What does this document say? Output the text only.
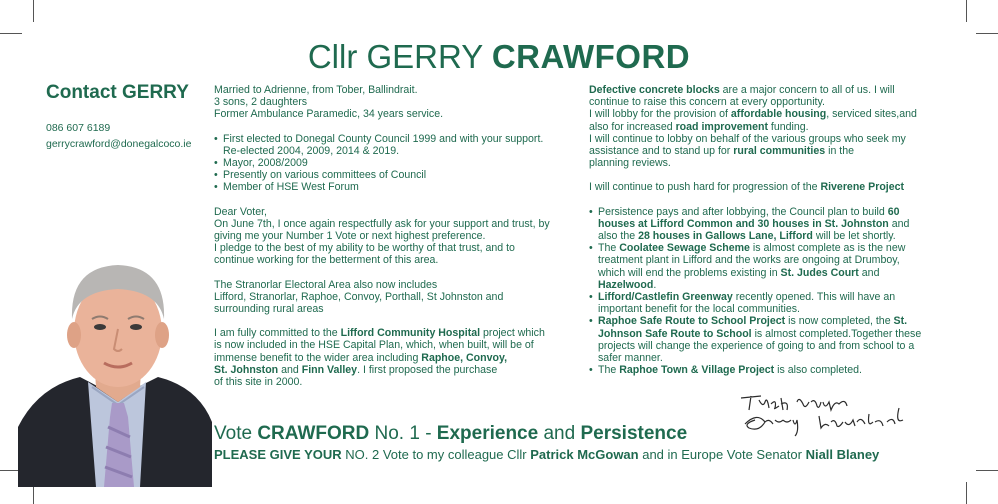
Cllr GERRY CRAWFORD
Contact GERRY
086 607 6189
gerrycrawford@donegalcoco.ie

Married to Adrienne, from Tober, Ballindrait.

3 sons, 2 daughters

Former Ambulance Paramedic, 34 years service.

• First elected to Donegal County Council 1999 and with your support.
Re-elected 2004, 2009, 2014 & 2019.
• Mayor, 2008/2009
• Presently on various committees of Council
• Member of HSE West Forum

Dear Voter,

On June 7th, I once again respectfully ask for your support and trust, by

giving me your Number 1 Vote or next highest preference.

I pledge to the best of my ability to be worthy of that trust, and to

continue working for the betterment of this area.

The Stranorlar Electoral Area also now includes

Lifford, Stranorlar, Raphoe, Convoy, Porthall, St Johnston and

surrounding rural areas

I am fully committed to the Lifford Community Hospital project which

is now included in the HSE Capital Plan, which, when built, will be of

immense benefit to the wider area including Raphoe, Convoy,

St. Johnston and Finn Valley. I first proposed the purchase

of this site in 2000.

Defective concrete blocks are a major concern to all of us. I will

continue to raise this concern at every opportunity.

I will lobby for the provision of affordable housing, serviced sites,and

also for increased road improvement funding.

I will continue to lobby on behalf of the various groups who seek my

assistance and to stand up for rural communities in the

planning reviews.

I will continue to push hard for progression of the Riverene Project

• Persistence pays and after lobbying, the Council plan to build 60
houses at Lifford Common and 30 houses in St. Johnston and
also the 28 houses in Gallows Lane, Lifford will be let shortly.
• The Coolatee Sewage Scheme is almost complete as is the new
treatment plant in Lifford and the works are ongoing at Drumboy,
which will end the problems existing in St. Judes Court and
Hazelwood.
• Lifford/Castlefin Greenway recently opened. This will have an
important benefit for the local communities.
• Raphoe Safe Route to School Project is now completed, the St.
Johnson Safe Route to School is almost completed.Together these
projects will change the experience of going to and from school to a
safer manner.
• The Raphoe Town & Village Project is also completed.
Vote CRAWFORD No. 1 - Experience and Persistence
PLEASE GIVE YOUR NO. 2 Vote to my colleague Cllr Patrick McGowan and in Europe Vote Senator Niall Blaney
